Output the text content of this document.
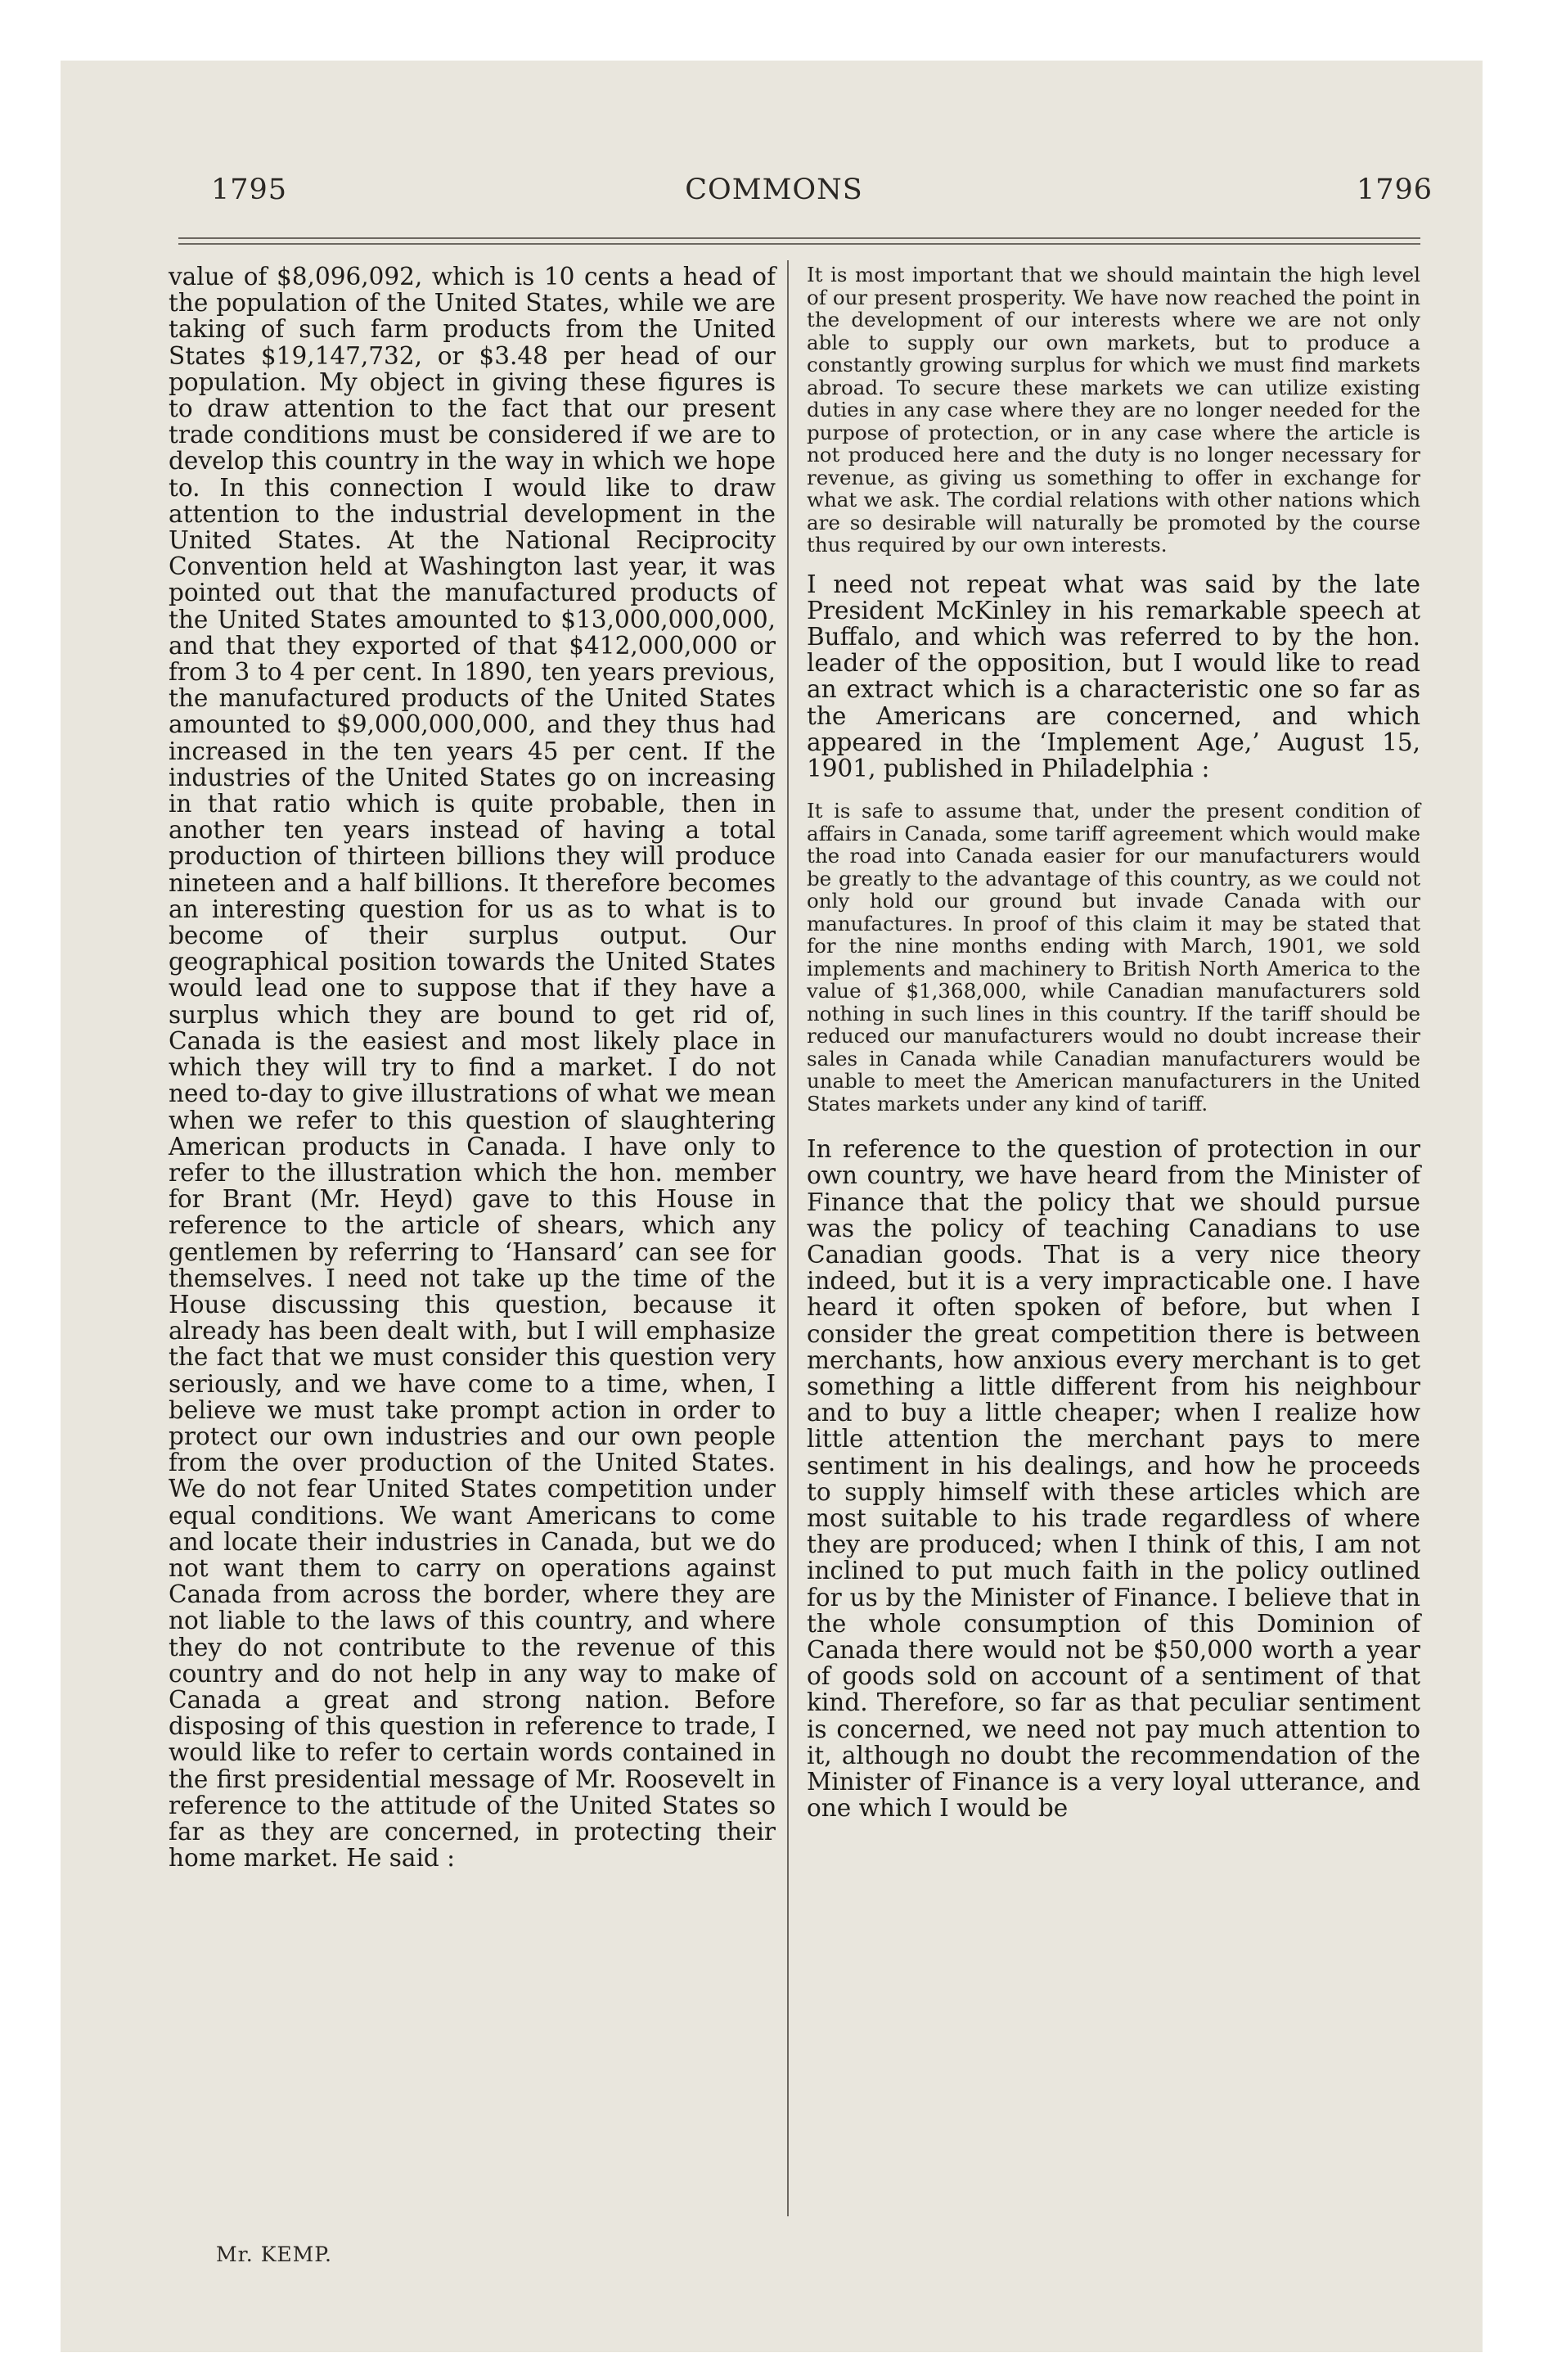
1795	COMMONS	1796

value of $8,096,092, which is 10 cents a head of the population of the United States, while we are taking of such farm products from the United States $19,147,732, or $3.48 per head of our population. My object in giving these figures is to draw attention to the fact that our present trade conditions must be considered if we are to develop this country in the way in which we hope to. In this connection I would like to draw attention to the industrial development in the United States. At the National Reciprocity Convention held at Washington last year, it was pointed out that the manufactured products of the United States amounted to $13,000,000,000, and that they exported of that $412,000,000 or from 3 to 4 per cent. In 1890, ten years previous, the manufactured products of the United States amounted to $9,000,000,000, and they thus had increased in the ten years 45 per cent. If the industries of the United States go on increasing in that ratio which is quite probable, then in another ten years instead of having a total production of thirteen billions they will produce nineteen and a half billions. It therefore becomes an interesting question for us as to what is to become of their surplus output. Our geographical position towards the United States would lead one to suppose that if they have a surplus which they are bound to get rid of, Canada is the easiest and most likely place in which they will try to find a market. I do not need to-day to give illustrations of what we mean when we refer to this question of slaughtering American products in Canada. I have only to refer to the illustration which the hon. member for Brant (Mr. Heyd) gave to this House in reference to the article of shears, which any gentlemen by referring to ‘Hansard’ can see for themselves. I need not take up the time of the House discussing this question, because it already has been dealt with, but I will emphasize the fact that we must consider this question very seriously, and we have come to a time, when, I believe we must take prompt action in order to protect our own industries and our own people from the over production of the United States. We do not fear United States competition under equal conditions. We want Americans to come and locate their industries in Canada, but we do not want them to carry on operations against Canada from across the border, where they are not liable to the laws of this country, and where they do not contribute to the revenue of this country and do not help in any way to make of Canada a great and strong nation. Before disposing of this question in reference to trade, I would like to refer to certain words contained in the first presidential message of Mr. Roosevelt in reference to the attitude of the United States so far as they are concerned, in protecting their home market. He said :

It is most important that we should maintain the high level of our present prosperity. We have now reached the point in the development of our interests where we are not only able to supply our own markets, but to produce a constantly growing surplus for which we must find markets abroad. To secure these markets we can utilize existing duties in any case where they are no longer needed for the purpose of protection, or in any case where the article is not produced here and the duty is no longer necessary for revenue, as giving us something to offer in exchange for what we ask. The cordial relations with other nations which are so desirable will naturally be promoted by the course thus required by our own interests.

I need not repeat what was said by the late President McKinley in his remarkable speech at Buffalo, and which was referred to by the hon. leader of the opposition, but I would like to read an extract which is a characteristic one so far as the Americans are concerned, and which appeared in the ‘Implement Age,’ August 15, 1901, published in Philadelphia :

It is safe to assume that, under the present condition of affairs in Canada, some tariff agreement which would make the road into Canada easier for our manufacturers would be greatly to the advantage of this country, as we could not only hold our ground but invade Canada with our manufactures. In proof of this claim it may be stated that for the nine months ending with March, 1901, we sold implements and machinery to British North America to the value of $1,368,000, while Canadian manufacturers sold nothing in such lines in this country. If the tariff should be reduced our manufacturers would no doubt increase their sales in Canada while Canadian manufacturers would be unable to meet the American manufacturers in the United States markets under any kind of tariff.

In reference to the question of protection in our own country, we have heard from the Minister of Finance that the policy that we should pursue was the policy of teaching Canadians to use Canadian goods. That is a very nice theory indeed, but it is a very impracticable one. I have heard it often spoken of before, but when I consider the great competition there is between merchants, how anxious every merchant is to get something a little different from his neighbour and to buy a little cheaper; when I realize how little attention the merchant pays to mere sentiment in his dealings, and how he proceeds to supply himself with these articles which are most suitable to his trade regardless of where they are produced; when I think of this, I am not inclined to put much faith in the policy outlined for us by the Minister of Finance. I believe that in the whole consumption of this Dominion of Canada there would not be $50,000 worth a year of goods sold on account of a sentiment of that kind. Therefore, so far as that peculiar sentiment is concerned, we need not pay much attention to it, although no doubt the recommendation of the Minister of Finance is a very loyal utterance, and one which I would be

Mr. KEMP.
